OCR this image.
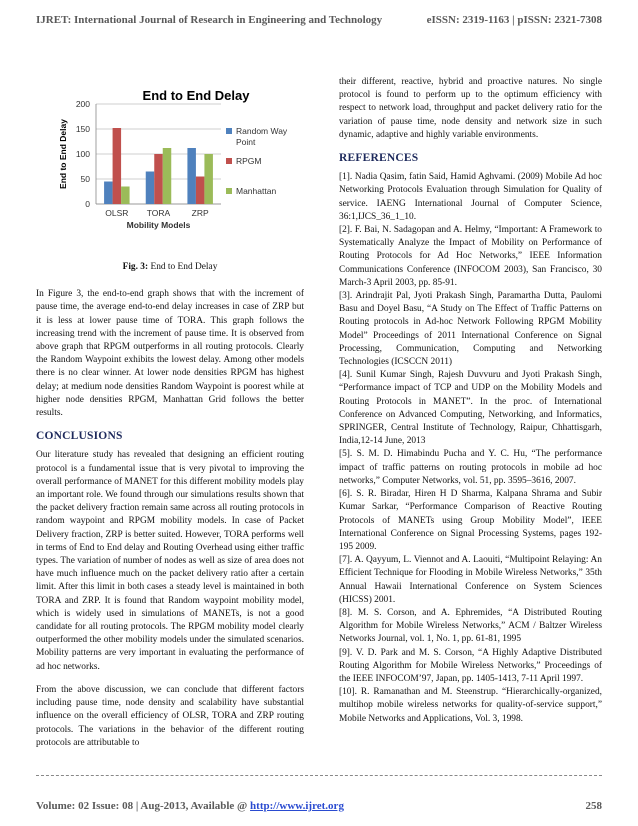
IJRET: International Journal of Research in Engineering and Technology	eISSN: 2319-1163 | pISSN: 2321-7308
End to End Delay
0
50
100
150
200
OLSR TORA	ZRP
Mobility Models
End to End Delay	Random Way
Point
RPGM
Manhattan
Fig. 3: End to End Delay

In Figure 3, the end-to-end graph shows that with the increment of pause time, the average end-to-end delay increases in case of ZRP but it is less at lower pause time of TORA. This graph follows the increasing trend with the increment of pause time. It is observed from above graph that RPGM outperforms in all routing protocols. Clearly the Random Waypoint exhibits the lowest delay. Among other models there is no clear winner. At lower node densities RPGM has highest delay; at medium node densities Random Waypoint is poorest while at higher node densities RPGM, Manhattan Grid follows the better results.

CONCLUSIONS

Our literature study has revealed that designing an efficient routing protocol is a fundamental issue that is very pivotal to improving the overall performance of MANET for this different mobility models play an important role. We found through our simulations results shown that the packet delivery fraction remain same across all routing protocols in random waypoint and RPGM mobility models. In case of Packet Delivery fraction, ZRP is better suited. However, TORA performs well in terms of End to End delay and Routing Overhead using either traffic types. The variation of number of nodes as well as size of area does not have much influence much on the packet delivery ratio after a certain limit. After this limit in both cases a steady level is maintained in both TORA and ZRP. It is found that Random waypoint mobility model, which is widely used in simulations of MANETs, is not a good candidate for all routing protocols. The RPGM mobility model clearly outperformed the other mobility models under the simulated scenarios. Mobility patterns are very important in evaluating the performance of ad hoc networks.

From the above discussion, we can conclude that different factors including pause time, node density and scalability have substantial influence on the overall efficiency of OLSR, TORA and ZRP routing protocols. The variations in the behavior of the different routing protocols are attributable to

their different, reactive, hybrid and proactive natures. No single protocol is found to perform up to the optimum efficiency with respect to network load, throughput and packet delivery ratio for the variation of pause time, node density and network size in such dynamic, adaptive and highly variable environments.

REFERENCES

[1]. Nadia Qasim, fatin Said, Hamid Aghvami. (2009) Mobile Ad hoc Networking Protocols Evaluation through Simulation for Quality of service. IAENG International Journal of Computer Science, 36:1,IJCS_36_1_10.

[2]. F. Bai, N. Sadagopan and A. Helmy, “Important: A Framework to Systematically Analyze the Impact of Mobility on Performance of Routing Protocols for Ad Hoc Networks,” IEEE Information Communications Conference (INFOCOM 2003), San Francisco, 30 March-3 April 2003, pp. 85-91.

[3]. Arindrajit Pal, Jyoti Prakash Singh, Paramartha Dutta, Paulomi Basu and Doyel Basu, “A Study on The Effect of Traffic Patterns on Routing protocols in Ad-hoc Network Following RPGM Mobility Model” Proceedings of 2011 International Conference on Signal Processing, Communication, Computing and Networking Technologies (ICSCCN 2011)

[4]. Sunil Kumar Singh, Rajesh Duvvuru and Jyoti Prakash Singh, “Performance impact of TCP and UDP on the Mobility Models and Routing Protocols in MANET”. In the proc. of International Conference on Advanced Computing, Networking, and Informatics, SPRINGER, Central Institute of Technology, Raipur, Chhattisgarh, India,12-14 June, 2013

[5]. S. M. D. Himabindu Pucha and Y. C. Hu, “The performance impact of traffic patterns on routing protocols in mobile ad hoc networks,” Computer Networks, vol. 51, pp. 3595–3616, 2007.

[6]. S. R. Biradar, Hiren H D Sharma, Kalpana Shrama and Subir Kumar Sarkar, “Performance Comparison of Reactive Routing Protocols of MANETs using Group Mobility Model”, IEEE International Conference on Signal Processing Systems, pages 192-195 2009.

[7]. A. Qayyum, L. Viennot and A. Laouiti, “Multipoint Relaying: An Efficient Technique for Flooding in Mobile Wireless Networks,” 35th Annual Hawaii International Conference on System Sciences (HICSS) 2001.

[8]. M. S. Corson, and A. Ephremides, “A Distributed Routing Algorithm for Mobile Wireless Networks,” ACM / Baltzer Wireless Networks Journal, vol. 1, No. 1, pp. 61-81, 1995

[9]. V. D. Park and M. S. Corson, “A Highly Adaptive Distributed Routing Algorithm for Mobile Wireless Networks,” Proceedings of the IEEE INFOCOM’97, Japan, pp. 1405-1413, 7-11 April 1997.

[10]. R. Ramanathan and M. Steenstrup. “Hierarchically-organized, multihop mobile wireless networks for quality-of-service support,” Mobile Networks and Applications, Vol. 3, 1998.

Volume: 02 Issue: 08 | Aug-2013, Available @ http://www.ijret.org	258
